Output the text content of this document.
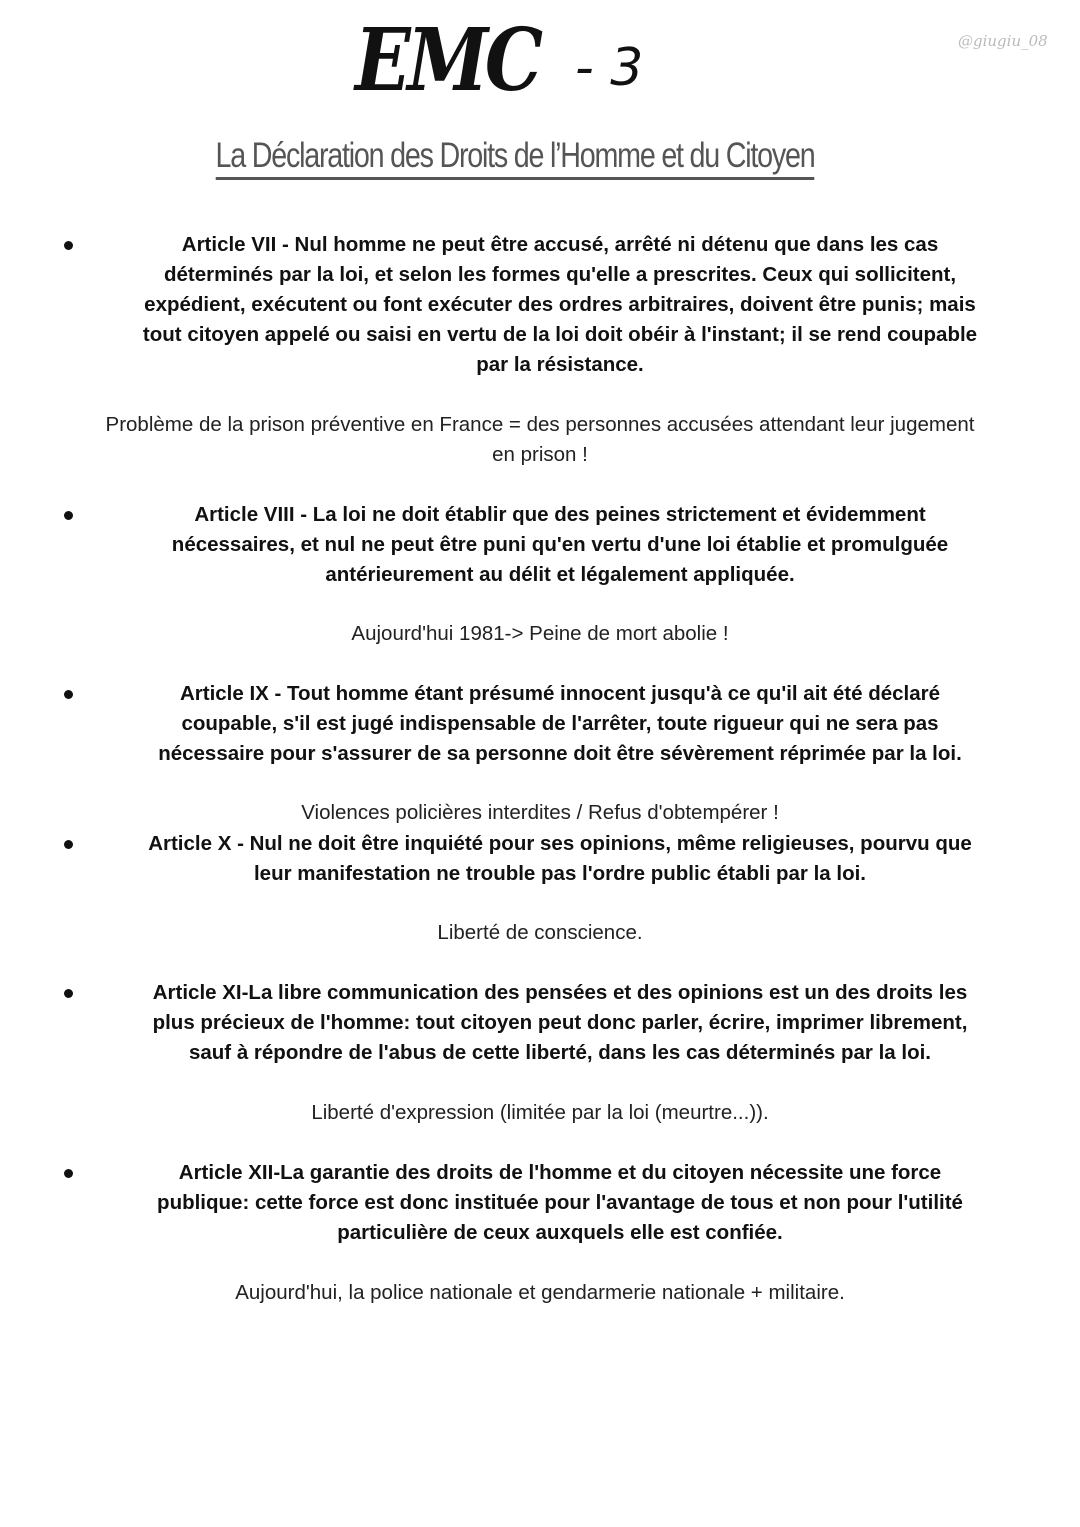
EMC - 3	@giugiu_08
La Déclaration des Droits de l’Homme et du Citoyen
Article VII - Nul homme ne peut être accusé, arrêté ni détenu que dans les cas
déterminés par la loi, et selon les formes qu'elle a prescrites. Ceux qui sollicitent,
expédient, exécutent ou font exécuter des ordres arbitraires, doivent être punis; mais
tout citoyen appelé ou saisi en vertu de la loi doit obéir à l'instant; il se rend coupable
par la résistance.
Problème de la prison préventive en France = des personnes accusées attendant leur jugement
en prison !
Article VIII - La loi ne doit établir que des peines strictement et évidemment
nécessaires, et nul ne peut être puni qu'en vertu d'une loi établie et promulguée
antérieurement au délit et légalement appliquée.
Aujourd'hui 1981-> Peine de mort abolie !
Article IX - Tout homme étant présumé innocent jusqu'à ce qu'il ait été déclaré
coupable, s'il est jugé indispensable de l'arrêter, toute rigueur qui ne sera pas
nécessaire pour s'assurer de sa personne doit être sévèrement réprimée par la loi.
Violences policières interdites / Refus d'obtempérer !
Article X - Nul ne doit être inquiété pour ses opinions, même religieuses, pourvu que
leur manifestation ne trouble pas l'ordre public établi par la loi.
Liberté de conscience.
Article XI-La libre communication des pensées et des opinions est un des droits les
plus précieux de l'homme: tout citoyen peut donc parler, écrire, imprimer librement,
sauf à répondre de l'abus de cette liberté, dans les cas déterminés par la loi.
Liberté d'expression (limitée par la loi (meurtre...)).
Article XII-La garantie des droits de l'homme et du citoyen nécessite une force
publique: cette force est donc instituée pour l'avantage de tous et non pour l'utilité
particulière de ceux auxquels elle est confiée.
Aujourd'hui, la police nationale et gendarmerie nationale + militaire.
